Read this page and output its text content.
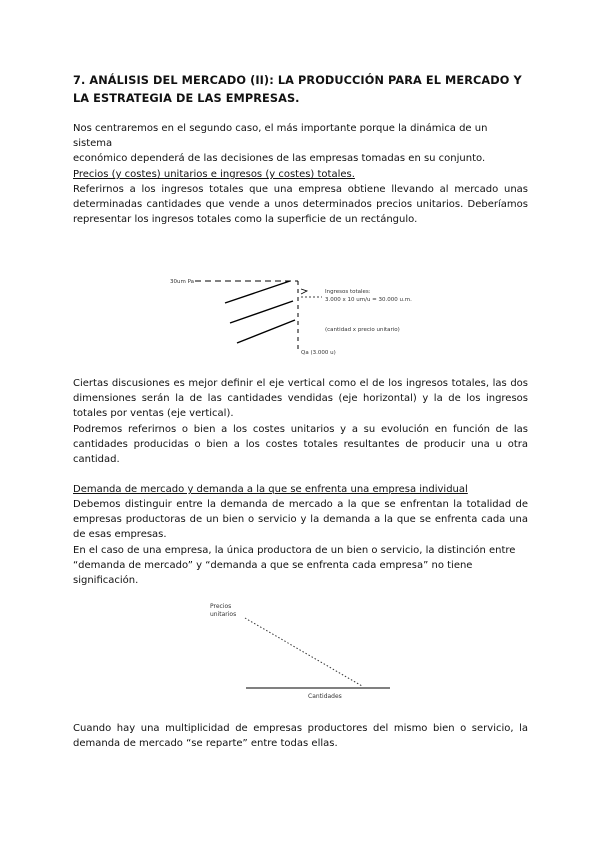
7. ANÁLISIS DEL MERCADO (II): LA PRODUCCIÓN PARA EL MERCADO Y
LA ESTRATEGIA DE LAS EMPRESAS.
Nos centraremos en el segundo caso, el más importante porque la dinámica de un sistema
económico dependerá de las decisiones de las empresas tomadas en su conjunto.
Precios (y costes) unitarios e ingresos (y costes) totales.
Referirnos a los ingresos totales que una empresa obtiene llevando al mercado unas determinadas cantidades que vende a unos determinados precios unitarios. Deberíamos representar los ingresos totales como la superficie de un rectángulo.
30um Pa
Ingresos totales:
3.000 x 10 um/u = 30.000 u.m.
(cantidad x precio unitario)
Qa (3.000 u)
Ciertas discusiones es mejor definir el eje vertical como el de los ingresos totales, las dos dimensiones serán la de las cantidades vendidas (eje horizontal) y la de los ingresos totales por ventas (eje vertical).
Podremos referirnos o bien a los costes unitarios y a su evolución en función de las cantidades producidas o bien a los costes totales resultantes de producir una u otra cantidad.
Demanda de mercado y demanda a la que se enfrenta una empresa individual
Debemos distinguir entre la demanda de mercado a la que se enfrentan la totalidad de empresas productoras de un bien o servicio y la demanda a la que se enfrenta cada una de esas empresas.
En el caso de una empresa, la única productora de un bien o servicio, la distinción entre “demanda de mercado” y “demanda a que se enfrenta cada empresa” no tiene significación.
Precios
unitarios
Cantidades
Cuando hay una multiplicidad de empresas productores del mismo bien o servicio, la demanda de mercado “se reparte” entre todas ellas.
